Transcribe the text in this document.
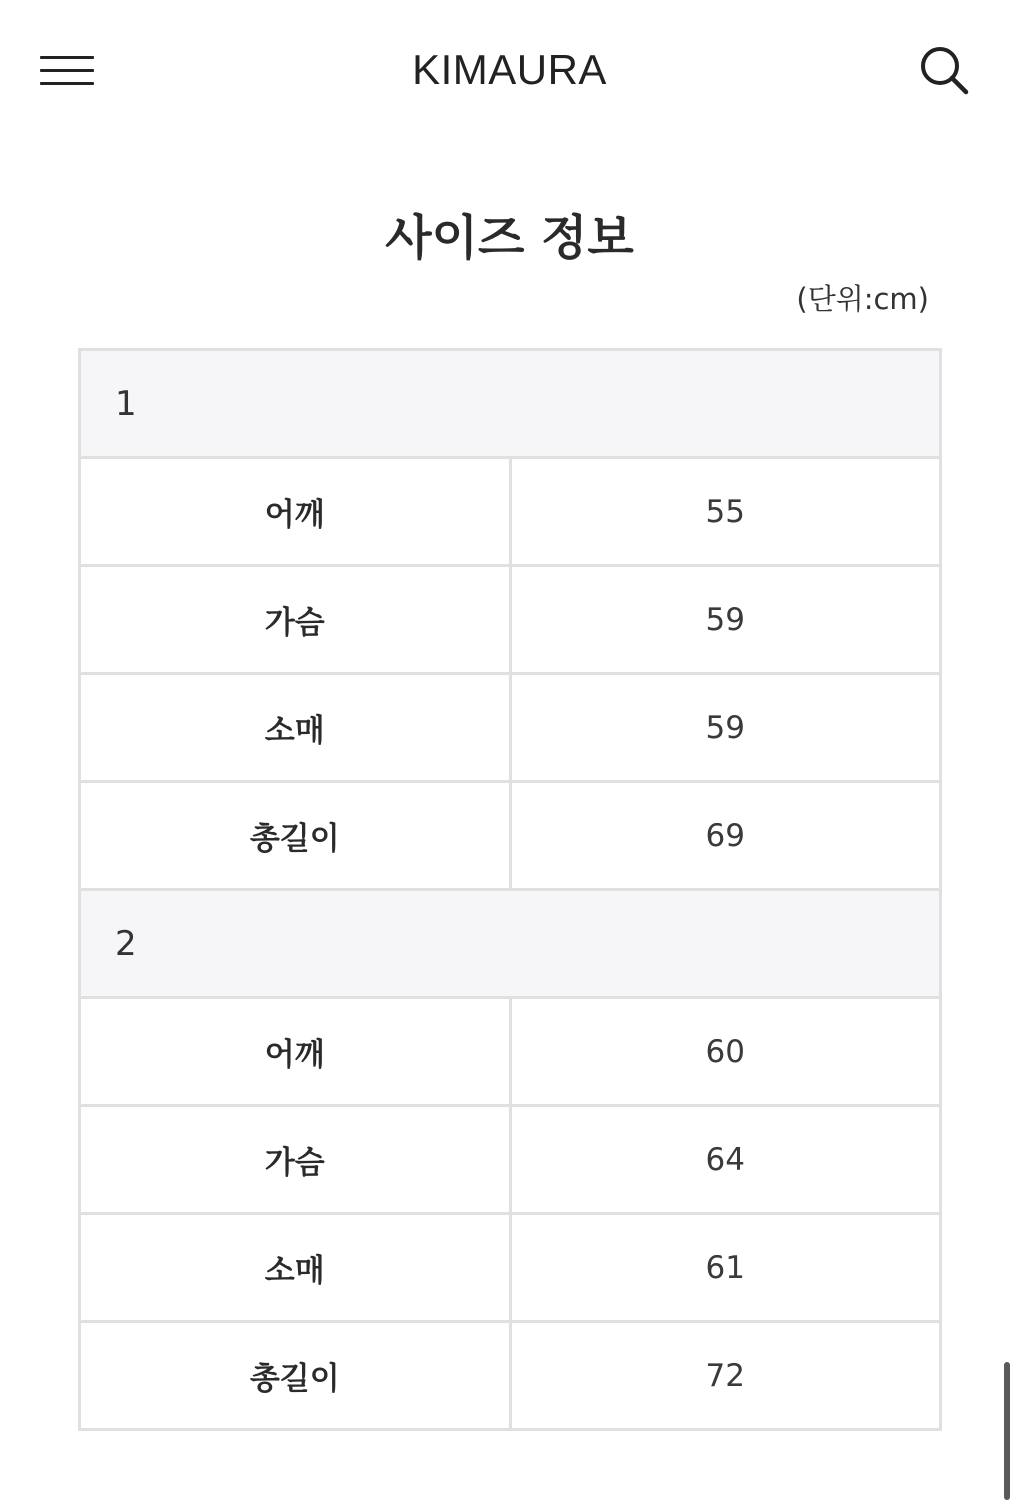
KIMAURA
사이즈 정보
(단위:cm)
1	
어깨	55
가슴	59
소매	59
총길이	69
2	
어깨	60
가슴	64
소매	61
총길이	72
